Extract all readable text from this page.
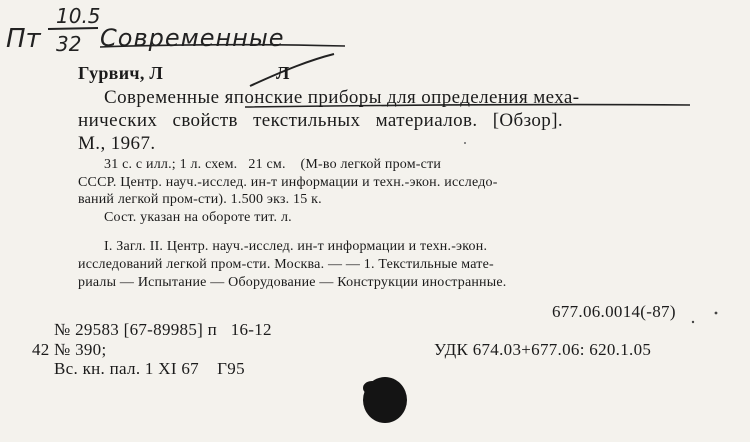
Пт
10.5
32 Современные
Гурвич, Л	Л
Современные японские приборы для определения меха-
нических свойств текстильных материалов. [Обзор].
М., 1967.
31 с. с илл.; 1 л. схем.   21 см.    (М-во легкой пром-сти
СССР. Центр. науч.-исслед. ин-т информации и техн.-экон. исследо-
ваний легкой пром-сти). 1.500 экз. 15 к.
Сост. указан на обороте тит. л.
I. Загл. II. Центр. науч.-исслед. ин-т информации и техн.-экон.
исследований легкой пром-сти. Москва. — — 1. Текстильные мате-
риалы — Испытание — Оборудование — Конструкции иностранные.
677.06.0014(-87)
№ 29583 [67-89985] п   16-12
42 № 390;
Вс. кн. пал. 1 XI 67    Г95
УДК 674.03+677.06: 620.1.05
